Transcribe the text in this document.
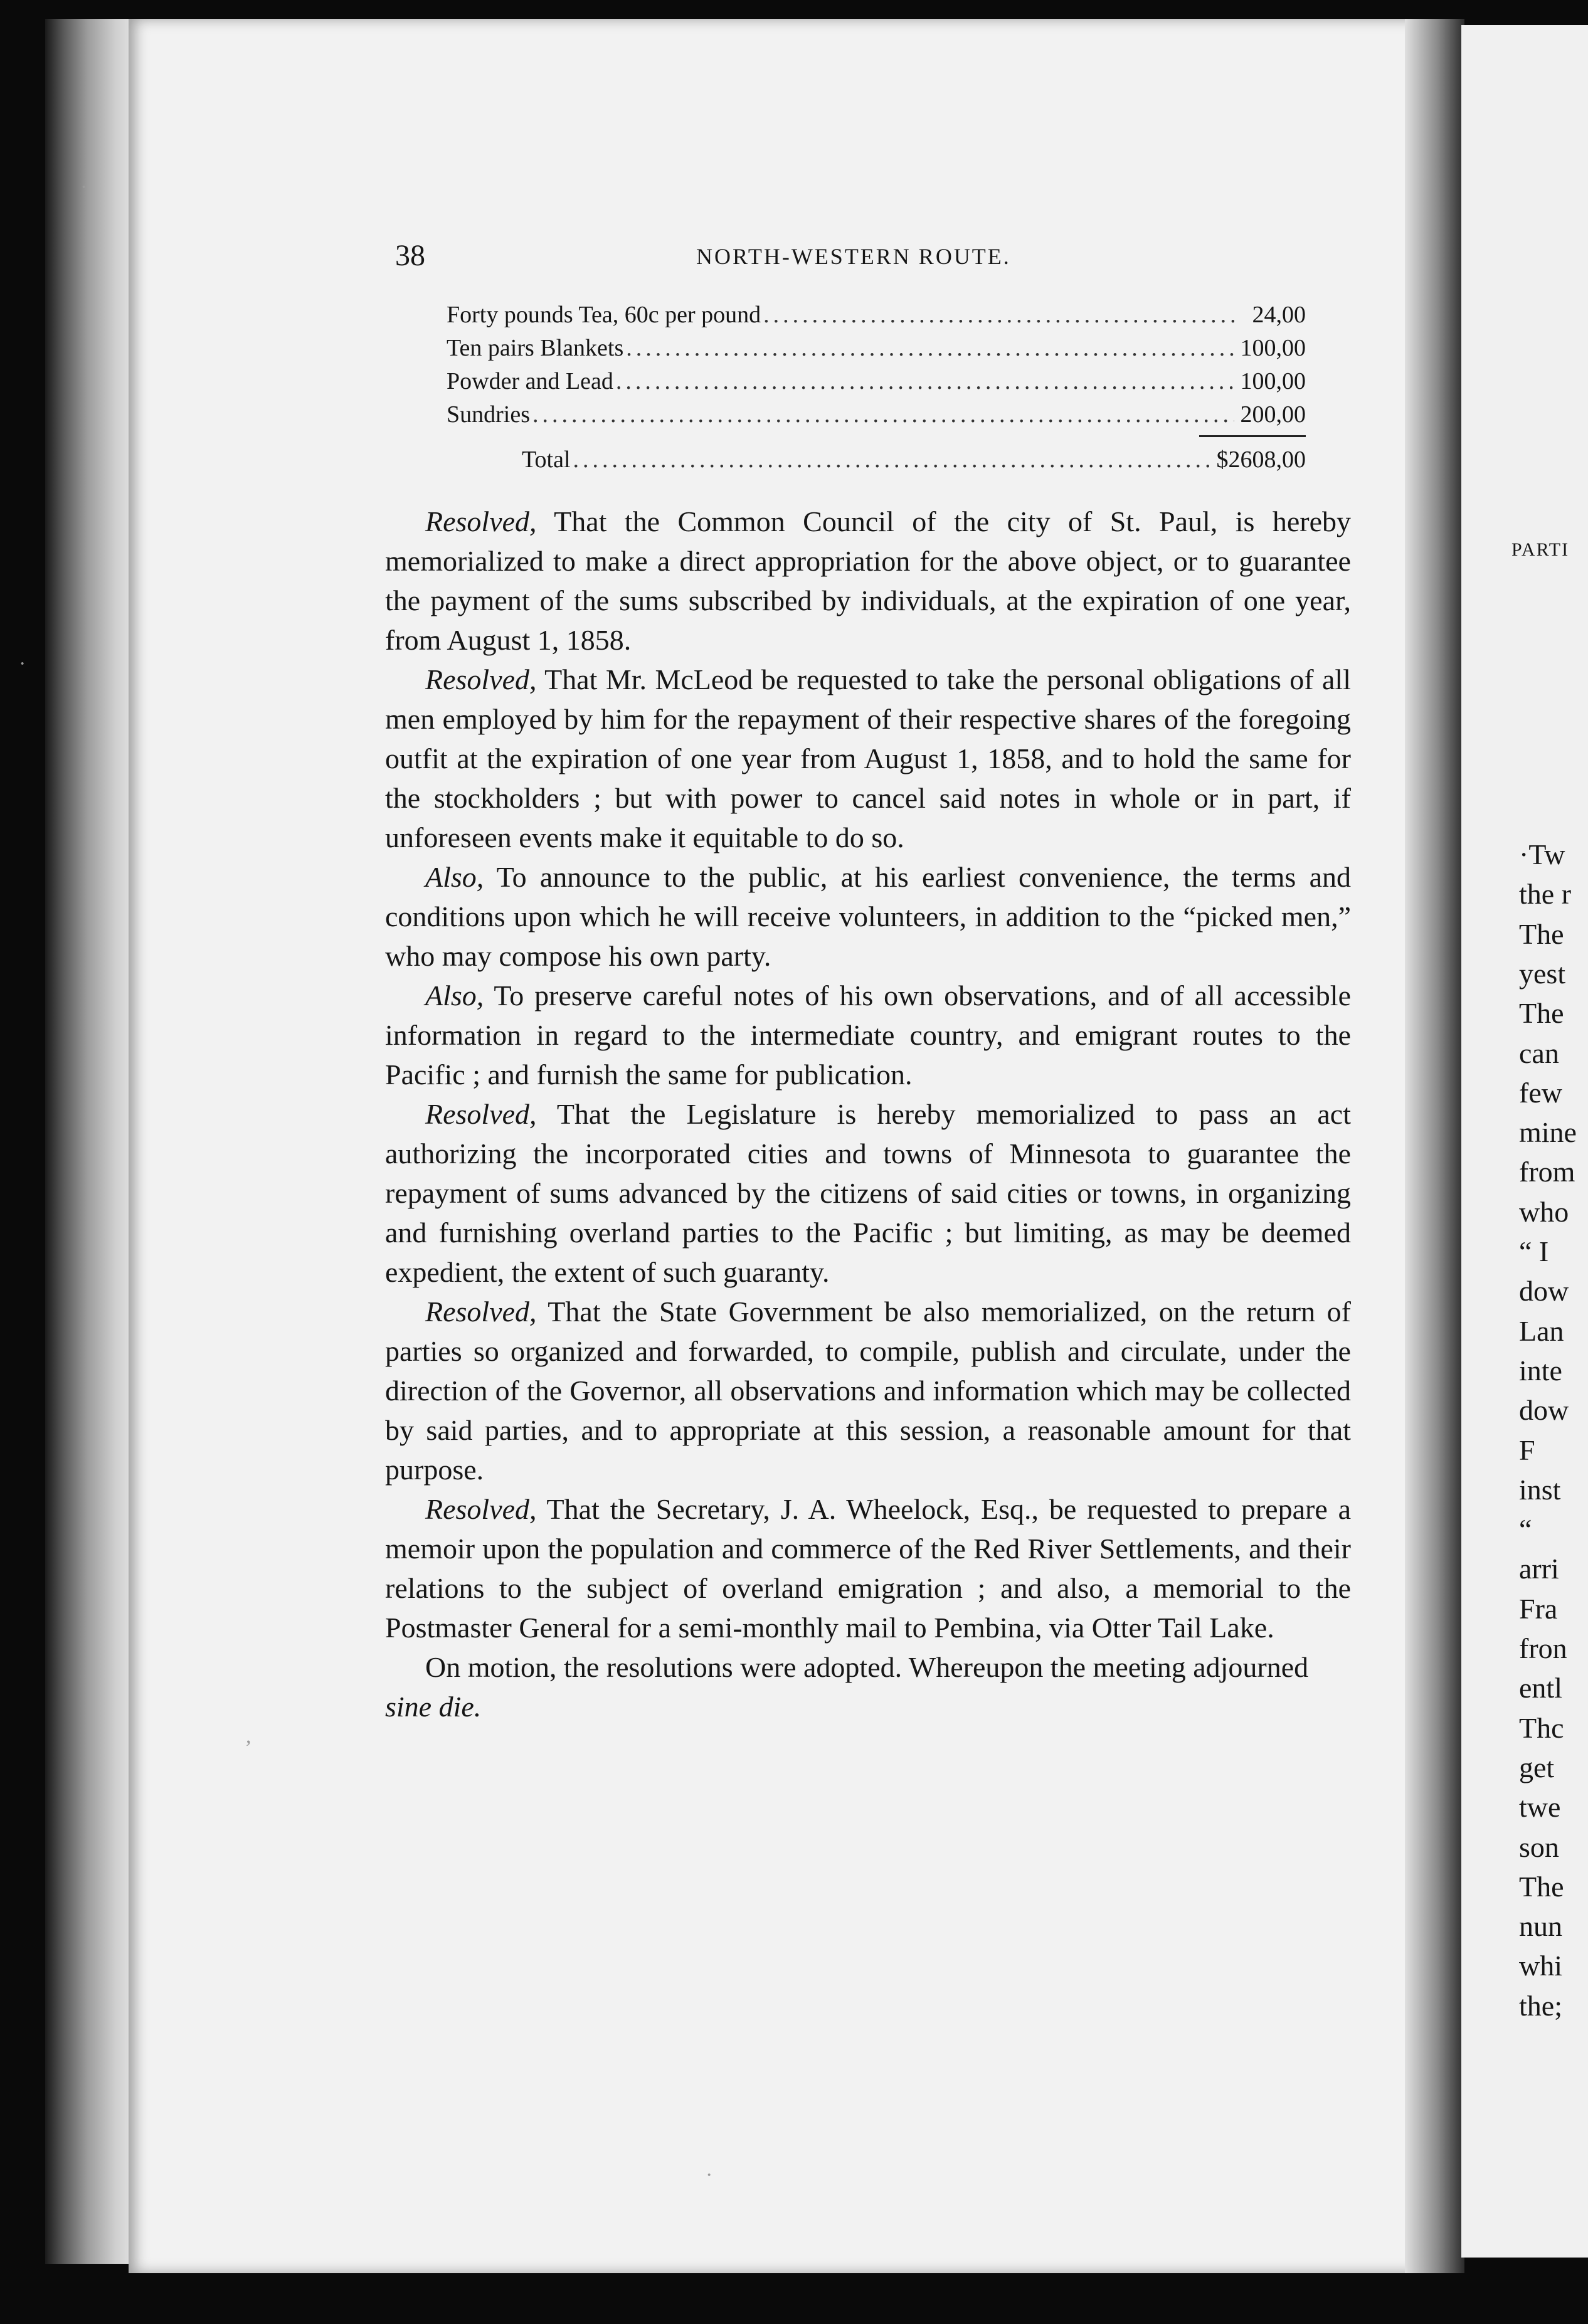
PARTI
·Tw
the r
The
yest
The
can
few
mine
from
who
“ I
dow
Lan
inte
dow
F
inst
“
arri
Fra
fron
entl
Thc
get
twe
son
The
nun
whi
the;
38	NORTH-WESTERN ROUTE.
Forty pounds Tea, 60c per pound .....	24,00
Ten pairs Blankets .....	100,00
Powder and Lead .....	100,00
Sundries .....	200,00
Total .....	$2608,00

Resolved, That the Common Council of the city of St. Paul, is hereby memorialized to make a direct appropriation for the above object, or to guarantee the payment of the sums subscribed by individuals, at the expiration of one year, from August 1, 1858.

Resolved, That Mr. McLeod be requested to take the personal obligations of all men employed by him for the repayment of their respective shares of the foregoing outfit at the expiration of one year from August 1, 1858, and to hold the same for the stockholders ; but with power to cancel said notes in whole or in part, if unforeseen events make it equitable to do so.

Also, To announce to the public, at his earliest convenience, the terms and conditions upon which he will receive volunteers, in addition to the “picked men,” who may compose his own party.

Also, To preserve careful notes of his own observations, and of all accessible information in regard to the intermediate country, and emigrant routes to the Pacific ; and furnish the same for publication.

Resolved, That the Legislature is hereby memorialized to pass an act authorizing the incorporated cities and towns of Minnesota to guarantee the repayment of sums advanced by the citizens of said cities or towns, in organizing and furnishing overland parties to the Pacific ; but limiting, as may be deemed expedient, the extent of such guaranty.

Resolved, That the State Government be also memorialized, on the return of parties so organized and forwarded, to compile, publish and circulate, under the direction of the Governor, all observations and information which may be collected by said parties, and to appropriate at this session, a reasonable amount for that purpose.

Resolved, That the Secretary, J. A. Wheelock, Esq., be requested to prepare a memoir upon the population and commerce of the Red River Settlements, and their relations to the subject of overland emigration ; and also, a memorial to the Postmaster General for a semi-monthly mail to Pembina, via Otter Tail Lake.

On motion, the resolutions were adopted. Whereupon the meeting adjourned sine die.

·
·
,
·
